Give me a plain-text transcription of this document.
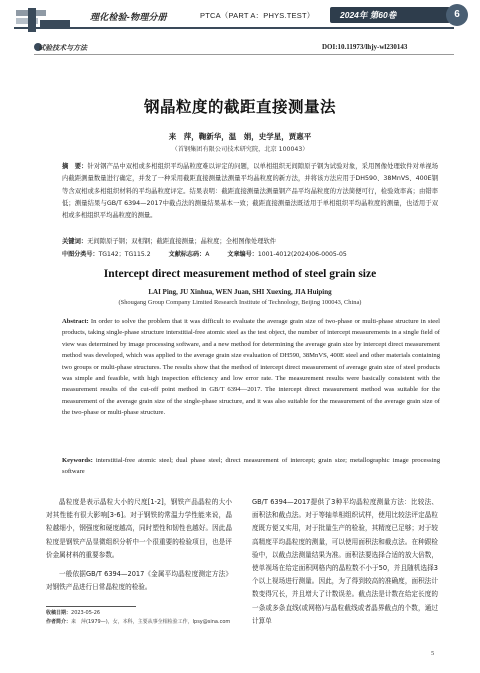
理化检验-物理分册	PTCA（PART A：PHYS.TEST）	2024年 第60卷	6
试验技术与方法	DOI:10.11973/lhjy-wl230143
钢晶粒度的截距直接测量法
来　萍，鞠新华，温　娟，史学星，贾惠平
（首钢集团有限公司技术研究院，北京 100043）
摘　要：针对钢产品中双相或多相组织平均晶粒度难以评定的问题，以单相组织无间隙原子钢为试验对象，采用图像处理软件对单视场内截距测量数量进行确定，并发了一种采用截距直接测量法测量平均晶粒度的新方法，并将该方法应用于DH590、38MnVS、400E钢等含双相或多相组织材料的平均晶粒度评定。结果表明：截距直接测量法测量钢产品平均晶粒度的方法简便可行，检验效率高；由错率低；测量结果与GB/T 6394—2017中截点法的测量结果基本一致；截距直接测量法既适用于单相组织平均晶粒度的测量，也适用于双相或多相组织平均晶粒度的测量。
关键词：无间隙原子钢；双相钢；截距直接测量；晶粒度；全相图像处理软件
中图分类号：TG142；TG115.2	文献标志码：A	文章编号：1001-4012(2024)06-0005-05
Intercept direct measurement method of steel grain size
LAI Ping, JU Xinhua, WEN Juan, SHI Xuexing, JIA Huiping
(Shougang Group Company Limited Research Institute of Technology, Beijing 100043, China)
Abstract: In order to solve the problem that it was difficult to evaluate the average grain size of two-phase or multi-phase structure in steel products, taking single-phase structure interstitial-free atomic steel as the test object, the number of intercept measurements in a single field of view was determined by image processing software, and a new method for determining the average grain size by intercept direct measurement method was developed, which was applied to the average grain size evaluation of DH590, 38MnVS, 400E steel and other materials containing two groups or multi-phase structures. The results show that the method of intercept direct measurement of average grain size of steel products was simple and feasible, with high inspection efficiency and low error rate. The measurement results were basically consistent with the measurement results of the cut-off point method in GB/T 6394—2017. The intercept direct measurement method was suitable for the measurement of the average grain size of the single-phase structure, and it was also suitable for the measurement of the average grain size of the two-phase or multi-phase structure.
Keywords: interstitial-free atomic steel; dual phase steel; direct measurement of intercept; grain size; metallographic image processing software

晶粒度是表示晶粒大小的尺度[1-2]，钢铁产品晶粒的大小对其性能有很大影响[3-6]。对于钢铁的常温力学性能来说，晶粒越细小，钢强度和硬度越高，同时塑性和韧性也越好。因此晶粒度是钢铁产品显微组织分析中一个很重要的检验项目，也是评价金属材料的重要参数。

一般依据GB/T 6394—2017《金属平均晶粒度测定方法》对钢铁产品进行日常晶粒度的检验。

GB/T 6394—2017提供了3种平均晶粒度测量方法：比较法、面积法和截点法。对于等轴单相组织试样，使用比较法评定晶粒度既方便又实用，对于批量生产的检验，其精度已足够；对于较高精度平均晶粒度的测量，可以使用面积法和截点法。在种跟检验中，以截点法测量结果为准。面积法要选择合适的放大倍数，使单视场在给定面积网格内的晶粒数不小于50，并且随机选择3个以上视场进行测量。因此，为了得到较高的准确度，面积法计数变得冗长，并且增大了计数误差。截点法是计数在给定长度的一条或多条直线(或网格)与晶粒截线或者晶界截点的个数，通过计算单

收稿日期：2023-05-26
作者简介：来　萍(1979—)，女，本科，主要从事全相检验工作，lpsy@sina.com
5
